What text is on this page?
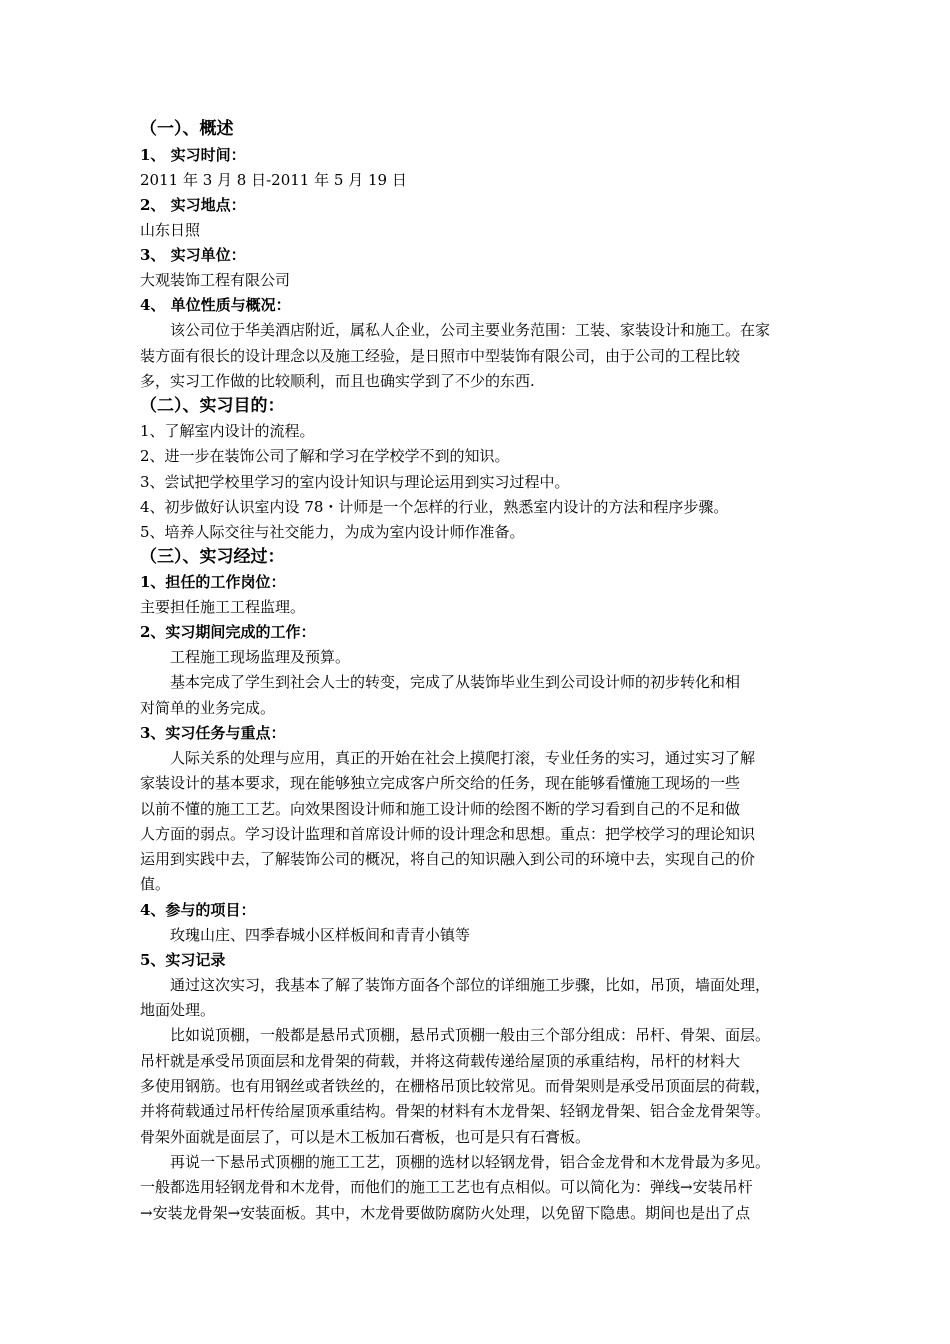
（一）、概述
1、 实习时间：
2011 年 3 月 8 日-2011 年 5 月 19 日
2、 实习地点：
山东日照
3、 实习单位：
大观装饰工程有限公司
4、 单位性质与概况：
该公司位于华美酒店附近，属私人企业，公司主要业务范围：工装、家装设计和施工。在家
装方面有很长的设计理念以及施工经验，是日照市中型装饰有限公司，由于公司的工程比较
多，实习工作做的比较顺利，而且也确实学到了不少的东西.
（二）、实习目的：
1、了解室内设计的流程。
2、进一步在装饰公司了解和学习在学校学不到的知识。
3、尝试把学校里学习的室内设计知识与理论运用到实习过程中。
4、初步做好认识室内设 78・计师是一个怎样的行业，熟悉室内设计的方法和程序步骤。
5、培养人际交往与社交能力，为成为室内设计师作准备。
（三）、实习经过：
1、担任的工作岗位：
主要担任施工工程监理。
2、实习期间完成的工作：
工程施工现场监理及预算。
基本完成了学生到社会人士的转变，完成了从装饰毕业生到公司设计师的初步转化和相
对简单的业务完成。
3、实习任务与重点：
人际关系的处理与应用，真正的开始在社会上摸爬打滚，专业任务的实习，通过实习了解
家装设计的基本要求，现在能够独立完成客户所交给的任务，现在能够看懂施工现场的一些
以前不懂的施工工艺。向效果图设计师和施工设计师的绘图不断的学习看到自己的不足和做
人方面的弱点。学习设计监理和首席设计师的设计理念和思想。重点：把学校学习的理论知识
运用到实践中去，了解装饰公司的概况，将自己的知识融入到公司的环境中去，实现自己的价
值。
4、参与的项目：
玫瑰山庄、四季春城小区样板间和青青小镇等
5、实习记录
通过这次实习，我基本了解了装饰方面各个部位的详细施工步骤，比如，吊顶，墙面处理，
地面处理。
比如说顶棚，一般都是悬吊式顶棚，悬吊式顶棚一般由三个部分组成：吊杆、骨架、面层。
吊杆就是承受吊顶面层和龙骨架的荷载，并将这荷载传递给屋顶的承重结构，吊杆的材料大
多使用钢筋。也有用钢丝或者铁丝的，在栅格吊顶比较常见。而骨架则是承受吊顶面层的荷载，
并将荷载通过吊杆传给屋顶承重结构。骨架的材料有木龙骨架、轻钢龙骨架、铝合金龙骨架等。
骨架外面就是面层了，可以是木工板加石膏板，也可是只有石膏板。
再说一下悬吊式顶棚的施工工艺，顶棚的选材以轻钢龙骨，铝合金龙骨和木龙骨最为多见。
一般都选用轻钢龙骨和木龙骨，而他们的施工工艺也有点相似。可以简化为：弹线→安装吊杆
→安装龙骨架→安装面板。其中，木龙骨要做防腐防火处理，以免留下隐患。期间也是出了点
